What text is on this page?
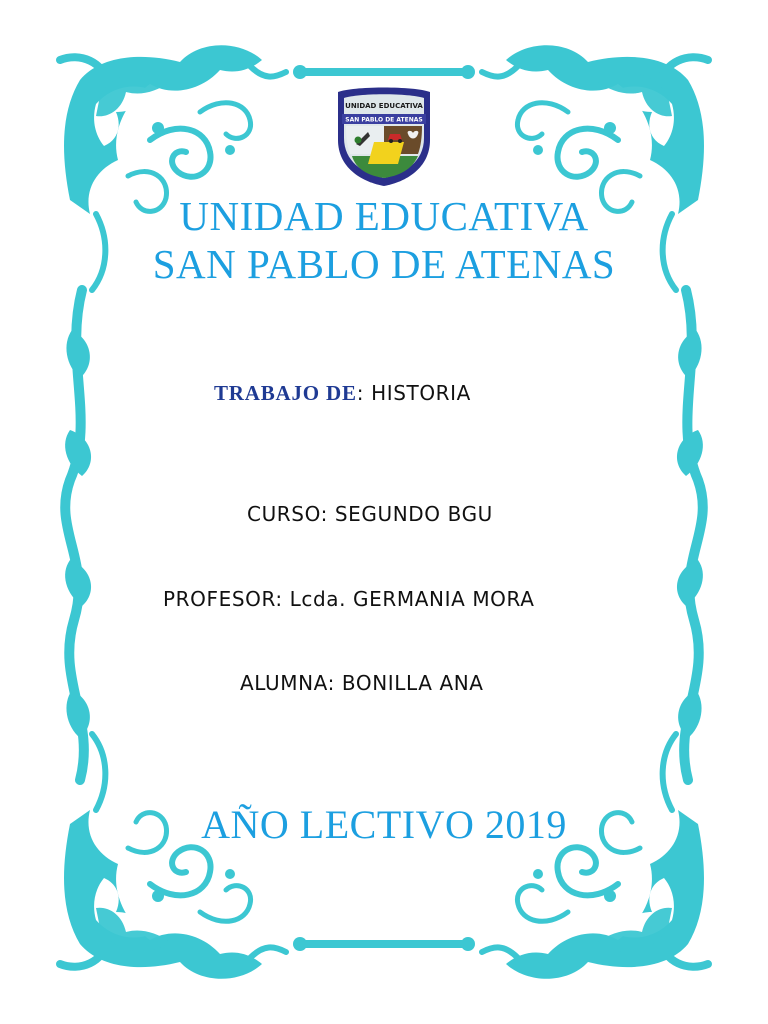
UNIDAD EDUCATIVA
SAN PABLO DE ATENAS
UNIDAD EDUCATIVA
SAN PABLO DE ATENAS
TRABAJO DE: HISTORIA
CURSO: SEGUNDO BGU
PROFESOR: Lcda. GERMANIA MORA
ALUMNA: BONILLA ANA
AÑO LECTIVO 2019
